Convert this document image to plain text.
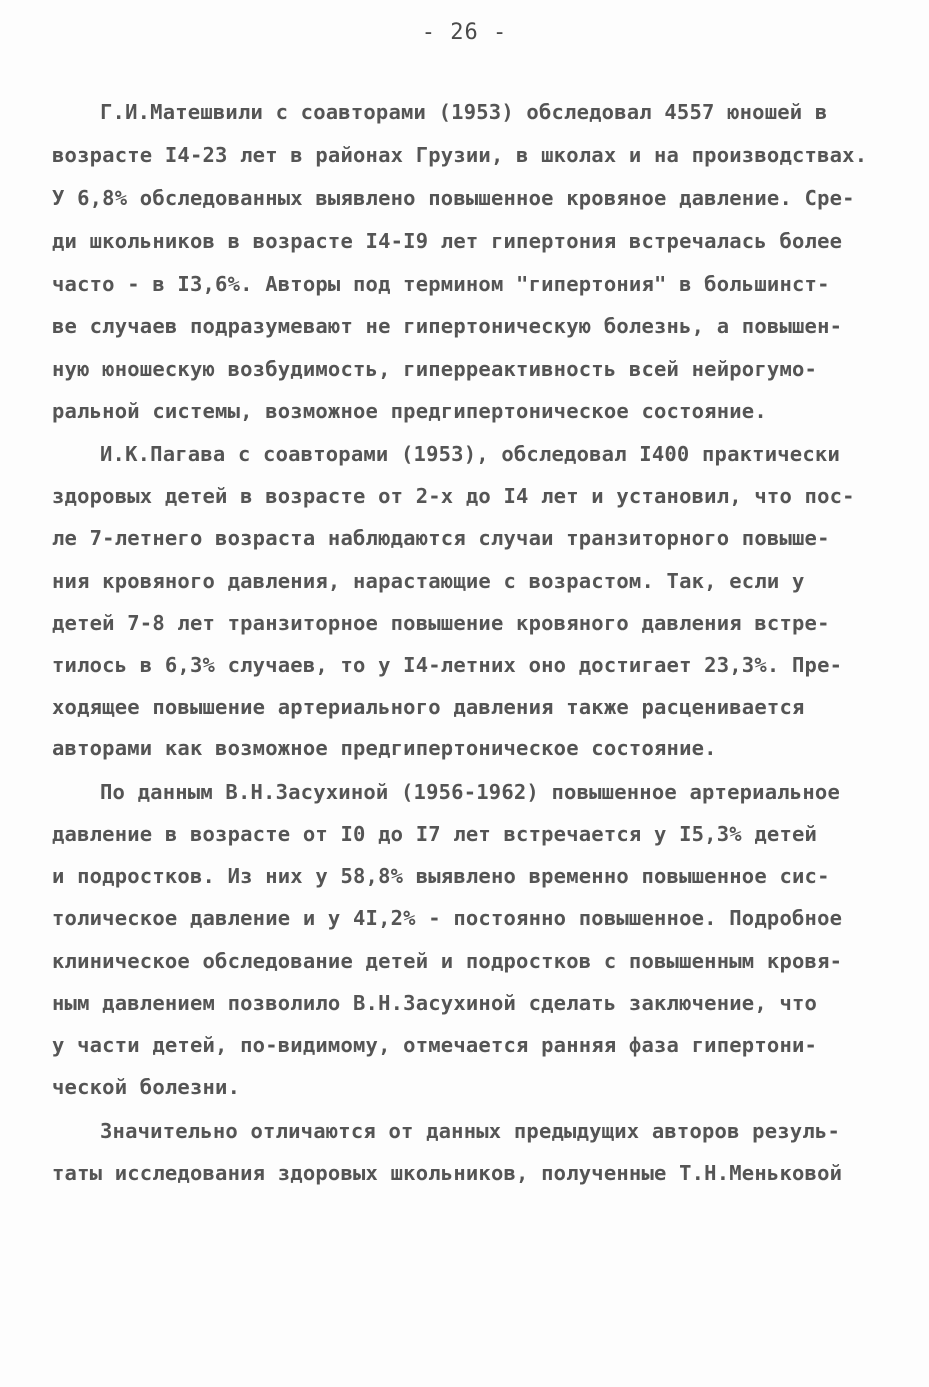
- 26 -
Г.И.Матешвили с соавторами (1953) обследовал 4557 юношей в
возрасте I4-23 лет в районах Грузии, в школах и на производствах.
У 6,8% обследованных выявлено повышенное кровяное давление. Сре-
ди школьников в возрасте I4-I9 лет гипертония встречалась более
часто - в I3,6%. Авторы под термином "гипертония" в большинст-
ве случаев подразумевают не гипертоническую болезнь, а повышен-
ную юношескую возбудимость, гиперреактивность всей нейрогумо-
ральной системы, возможное предгипертоническое состояние.
И.К.Пагава с соавторами (1953), обследовал I400 практически
здоровых детей в возрасте от 2-х до I4 лет и установил, что пос-
ле 7-летнего возраста наблюдаются случаи транзиторного повыше-
ния кровяного давления, нарастающие с возрастом. Так, если у
детей 7-8 лет транзиторное повышение кровяного давления встре-
тилось в 6,3% случаев, то у I4-летних оно достигает 23,3%. Пре-
ходящее повышение артериального давления также расценивается
авторами как возможное предгипертоническое состояние.
По данным В.Н.Засухиной (1956-1962) повышенное артериальное
давление в возрасте от I0 до I7 лет встречается у I5,3% детей
и подростков. Из них у 58,8% выявлено временно повышенное сис-
толическое давление и у 4I,2% - постоянно повышенное. Подробное
клиническое обследование детей и подростков с повышенным кровя-
ным давлением позволило В.Н.Засухиной сделать заключение, что
у части детей, по-видимому, отмечается ранняя фаза гипертони-
ческой болезни.
Значительно отличаются от данных предыдущих авторов резуль-
таты исследования здоровых школьников, полученные Т.Н.Меньковой
